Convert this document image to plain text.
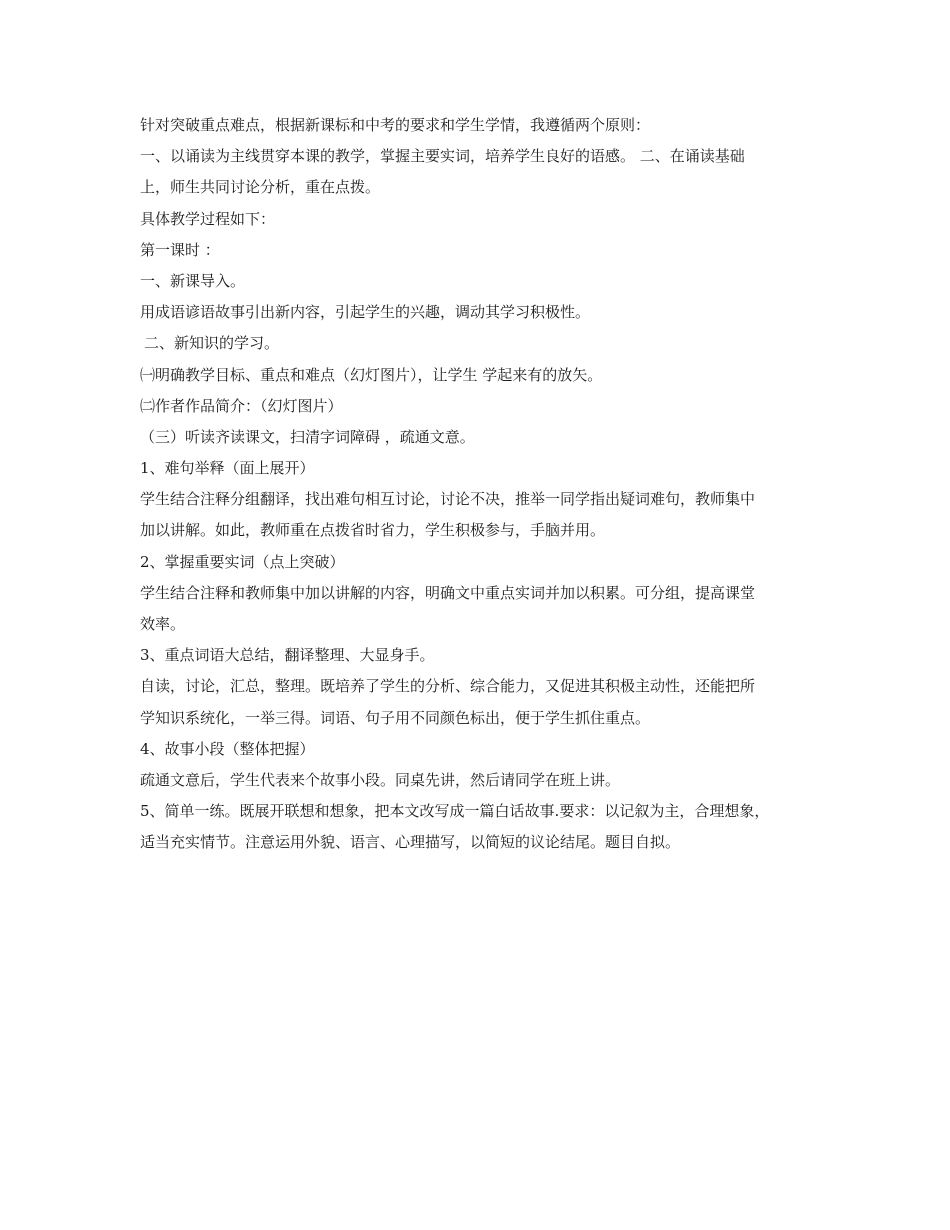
针对突破重点难点，根据新课标和中考的要求和学生学情，我遵循两个原则：
一、以诵读为主线贯穿本课的教学，掌握主要实词，培养学生良好的语感。 二、在诵读基础
上，师生共同讨论分析，重在点拨。
具体教学过程如下：
第一课时 ：
一、新课导入。
用成语谚语故事引出新内容，引起学生的兴趣，调动其学习积极性。
二、新知识的学习。
㈠明确教学目标、重点和难点（幻灯图片），让学生 学起来有的放矢。
㈡作者作品简介：（幻灯图片）
（三）听读齐读课文，扫清字词障碍 ，疏通文意。
1、难句举释（面上展开）
学生结合注释分组翻译，找出难句相互讨论，讨论不决，推举一同学指出疑词难句，教师集中
加以讲解。如此，教师重在点拨省时省力，学生积极参与，手脑并用。
2、掌握重要实词（点上突破）
学生结合注释和教师集中加以讲解的内容，明确文中重点实词并加以积累。可分组，提高课堂
效率。
3、重点词语大总结，翻译整理、大显身手。
自读，讨论，汇总，整理。既培养了学生的分析、综合能力，又促进其积极主动性，还能把所
学知识系统化，一举三得。词语、句子用不同颜色标出，便于学生抓住重点。
4、故事小段（整体把握）
疏通文意后，学生代表来个故事小段。同桌先讲，然后请同学在班上讲。
5、简单一练。既展开联想和想象，把本文改写成一篇白话故事.要求：以记叙为主，合理想象，
适当充实情节。注意运用外貌、语言、心理描写，以简短的议论结尾。题目自拟。
